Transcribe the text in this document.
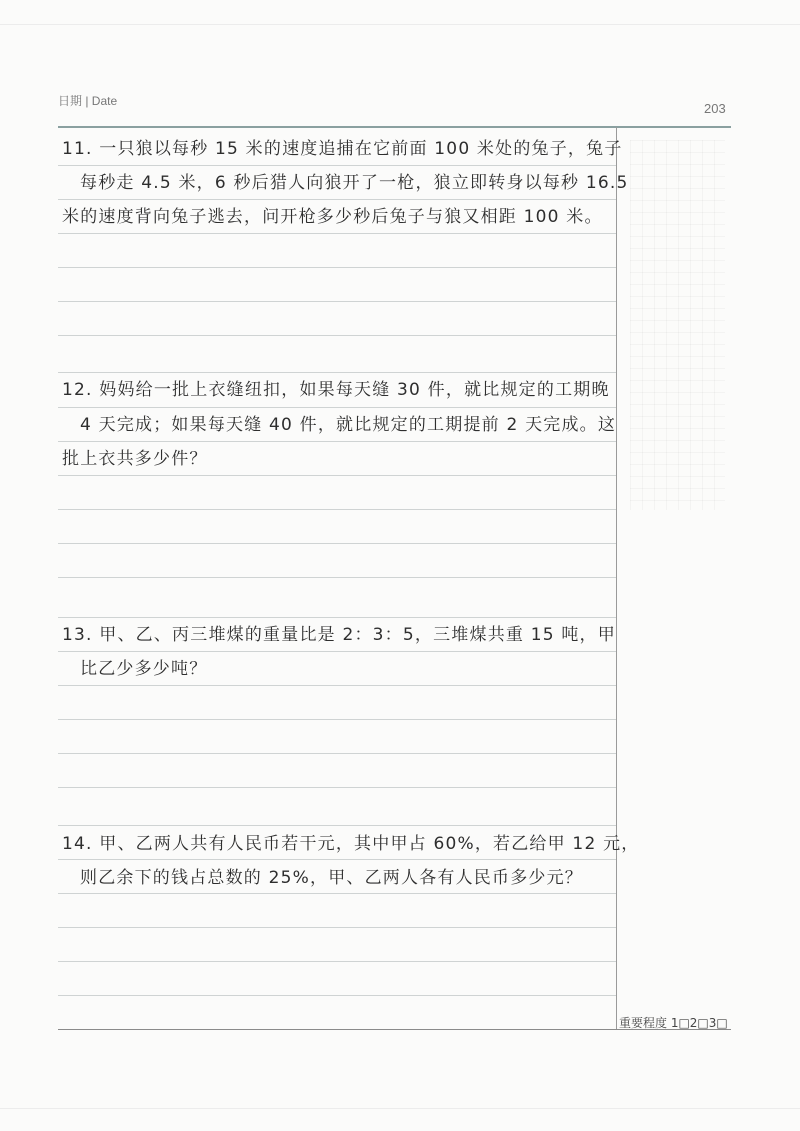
日期 | Date	203
11. 一只狼以每秒 15 米的速度追捕在它前面 100 米处的兔子，兔子
每秒走 4.5 米，6 秒后猎人向狼开了一枪，狼立即转身以每秒 16.5
米的速度背向兔子逃去，问开枪多少秒后兔子与狼又相距 100 米。
12. 妈妈给一批上衣缝纽扣，如果每天缝 30 件，就比规定的工期晚
4 天完成；如果每天缝 40 件，就比规定的工期提前 2 天完成。这
批上衣共多少件？
13. 甲、乙、丙三堆煤的重量比是 2：3：5，三堆煤共重 15 吨，甲
比乙少多少吨？
14. 甲、乙两人共有人民币若干元，其中甲占 60%，若乙给甲 12 元，
则乙余下的钱占总数的 25%，甲、乙两人各有人民币多少元？
重要程度 1□2□3□
